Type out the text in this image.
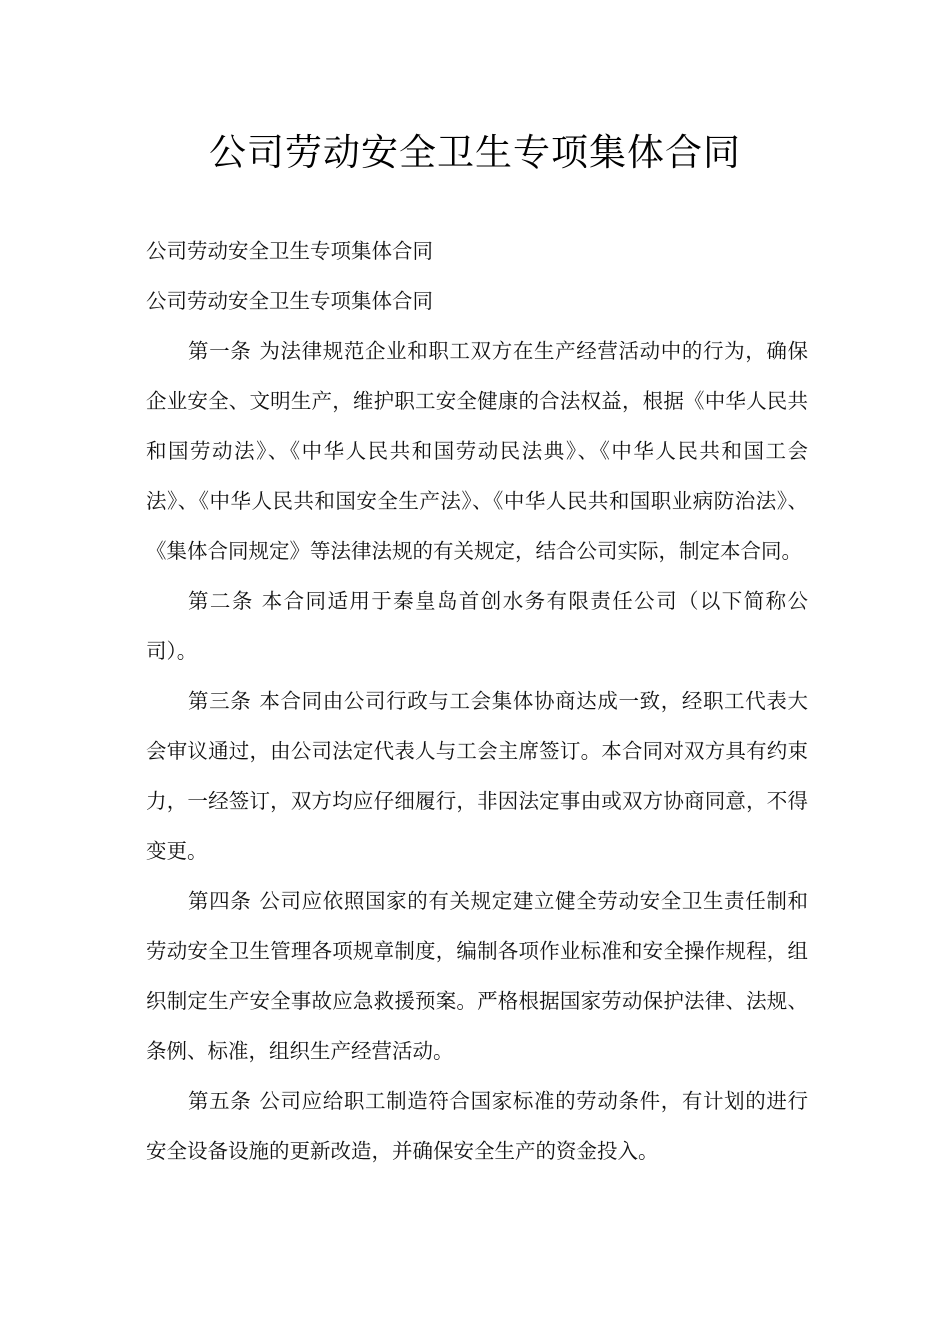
公司劳动安全卫生专项集体合同

公司劳动安全卫生专项集体合同

公司劳动安全卫生专项集体合同

第一条 为法律规范企业和职工双方在生产经营活动中的行为，确保企业安全、文明生产，维护职工安全健康的合法权益，根据《中华人民共和国劳动法》、《中华人民共和国劳动民法典》、《中华人民共和国工会法》、《中华人民共和国安全生产法》、《中华人民共和国职业病防治法》、《集体合同规定》等法律法规的有关规定，结合公司实际，制定本合同。

第二条 本合同适用于秦皇岛首创水务有限责任公司（以下简称公司）。

第三条 本合同由公司行政与工会集体协商达成一致，经职工代表大会审议通过，由公司法定代表人与工会主席签订。本合同对双方具有约束力，一经签订，双方均应仔细履行，非因法定事由或双方协商同意，不得变更。

第四条 公司应依照国家的有关规定建立健全劳动安全卫生责任制和劳动安全卫生管理各项规章制度，编制各项作业标准和安全操作规程，组织制定生产安全事故应急救援预案。严格根据国家劳动保护法律、法规、条例、标准，组织生产经营活动。

第五条 公司应给职工制造符合国家标准的劳动条件，有计划的进行安全设备设施的更新改造，并确保安全生产的资金投入。
